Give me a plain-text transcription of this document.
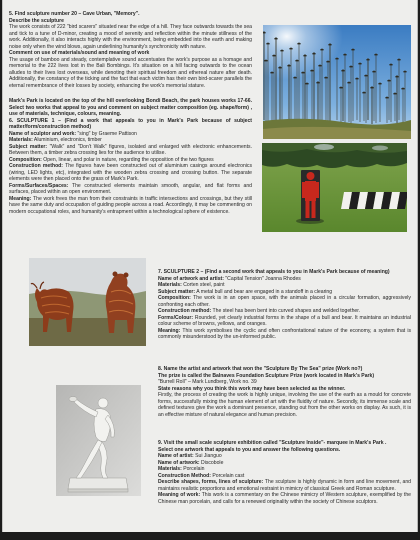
5. Find sculpture number 20 – Cave Urban, "Memory".

Describe the sculpture

The work consists of 222 "bird scarers" situated near the edge of a hill. They face outwards towards the sea and tick to a tune of D-minor, creating a mood of serenity and reflection within the minute stillness of the work. Additionally, it also interacts highly with the environment, being embedded into the earth and making noise only when the wind blows, again underlining humanity's synchronicity with nature.

Comment on use of materials/sound and meaning of work

The usage of bamboo and steady, contemplative sound accentuates the work's purpose as a homage and memorial to the 222 lives lost in the Bali Bombings. It's situation on a hill facing outwards to the ocean alludes to their lives lost overseas, while denoting their spiritual freedom and ethereal nature after death. Additionally, the constancy of the ticking and the fact that each victim has their own bird-scarer parallels the eternal remembrance of their losses by society, enhancing the work's memorial stature.

Mark's Park is located on the top of the hill overlooking Bondi Beach, the park houses works 17-66. Select two works that appeal to you and comment on subject matter composition (eg. shape/form) , use of materials, technique, colours, meaning.

6. SCULPTURE 1 – (Find a work that appeals to you in Mark's Park because of subject matter/form/construction method)

Name of sculptor and work: "sing" by Graeme Pattison

Materials: Aluminium, electronics, timber

Subject matter: "Walk" and "Don't Walk" figures, isolated and enlarged with electronic enhancements. Between them, a timber zebra crossing lies for the audience to utilise.

Composition: Open, linear, and polar in nature, regarding the opposition of the two figures

Construction method: The figures have been constructed out of aluminium casings around electronics (wiring, LED lights, etc), integrated with the wooden zebra crossing and crossing button. The separate elements were then placed onto the grass of Mark's Park.

Forms/Surfaces/Spaces: The constructed elements maintain smooth, angular, and flat forms and surfaces, placed within an open environment.

Meaning: The work frees the man from their constraints in traffic intersections and crossings, but they still have the same duty and occupation of guiding people across a road. Accordingly, it may be commenting on modern occupational roles, and humanity's entrapment within a technological sphere of existence.

7. SCULPTURE 2 – (Find a second work that appeals to you in Mark's Park because of meaning)

Name of artwork and artist: "Capital Tension" Joanna Rhodes

Materials: Corten steel, paint

Subject matter: A metal bull and bear are engaged in a standoff in a clearing

Composition: The work is in an open space, with the animals placed in a circular formation, aggressively confronting each other.

Construction method: The steel has been bent into curved shapes and welded together.

Forms/Colour: Rounded, yet clearly industrial forms in the shape of a bull and bear. It maintains an industrial colour scheme of browns, yellows, and oranges.

Meaning: This work symbolises the cyclic and often confrontational nature of the economy, a system that is commonly misunderstood by the un-informed public.

8. Name the artist and artwork that won the "Sculpture By The Sea" prize (Work no?)

The prize is called the Balnaves Foundation Sculpture Prize (work located in Mark's Park)

"Burrell Roll" – Mark Lundberg, Work no. 39

State reasons why you think this work may have been selected as the winner.

Firstly, the process of creating the work is highly unique, involving the use of the earth as a mould for concrete forms, successfully mixing the human element of art with the fluidity of nature. Secondly, its immense scale and defined textures give the work a dominant presence, standing out from the other works on display. As such, it is an effective mixture of natural elegance and human precision.

9. Visit the small scale sculpture exhibition called "Sculpture Inside"- marquee in Mark's Park .

Select one artwork that appeals to you and answer the following questions.

Name of artist: Sui Jianguo

Name of artwork: Discobole

Materials: Porcelain

Construction Method: Porcelain cast

Describe shapes, forms, lines of sculpture: The sculpture is highly dynamic in form and line movement, and maintains realistic proportions and emotional restraint in mimicry of classical Greek and Roman sculpture.

Meaning of work: This work is a commentary on the Chinese mimicry of Western sculpture, exemplified by the Chinese man porcelain, and calls for a renewed originality within the society of Chinese sculptors.
